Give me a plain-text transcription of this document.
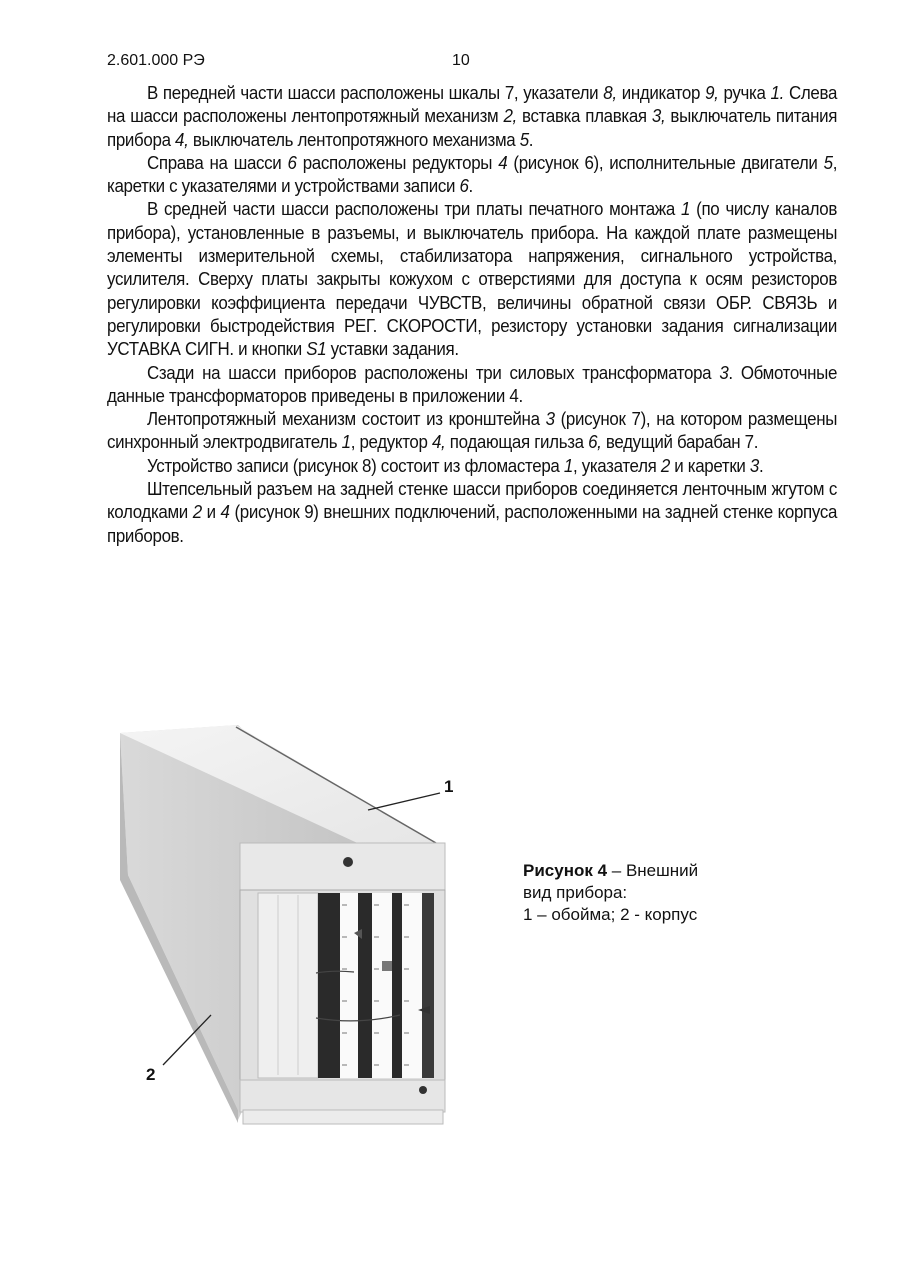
2.601.000 РЭ	10

В передней части шасси расположены шкалы 7, указатели 8, индикатор 9, ручка 1. Слева на шасси расположены лентопротяжный механизм 2, вставка плавкая 3, выключатель питания прибора 4, выключатель лентопротяжного механизма 5.

Справа на шасси 6 расположены редукторы 4 (рисунок 6), исполнительные двигатели 5, каретки с указателями и устройствами записи 6.

В средней части шасси расположены три платы печатного монтажа 1 (по числу каналов прибора), установленные в разъемы, и выключатель прибора. На каждой плате размещены элементы измерительной схемы, стабилизатора напряжения, сигнального устройства, усилителя. Сверху платы закрыты кожухом с отверстиями для доступа к осям резисторов регулировки коэффициента передачи ЧУВСТВ, величины обратной связи ОБР. СВЯЗЬ и регулировки быстродействия РЕГ. СКОРОСТИ, резистору установки задания сигнализации УСТАВКА СИГН. и кнопки S1 уставки задания.

Сзади на шасси приборов расположены три силовых трансформатора 3. Обмоточные данные трансформаторов приведены в приложении 4.

Лентопротяжный механизм состоит из кронштейна 3 (рисунок 7), на котором размещены синхронный электродвигатель 1, редуктор 4, подающая гильза 6, ведущий барабан 7.

Устройство записи (рисунок 8) состоит из фломастера 1, указателя 2 и каретки 3.

Штепсельный разъем на задней стенке шасси приборов соединяется ленточным жгутом с колодками 2 и 4 (рисунок 9) внешних подключений, расположенными на задней стенке корпуса приборов.

1
2
Рисунок 4 – Внешний
вид прибора:
1 – обойма; 2 - корпус
